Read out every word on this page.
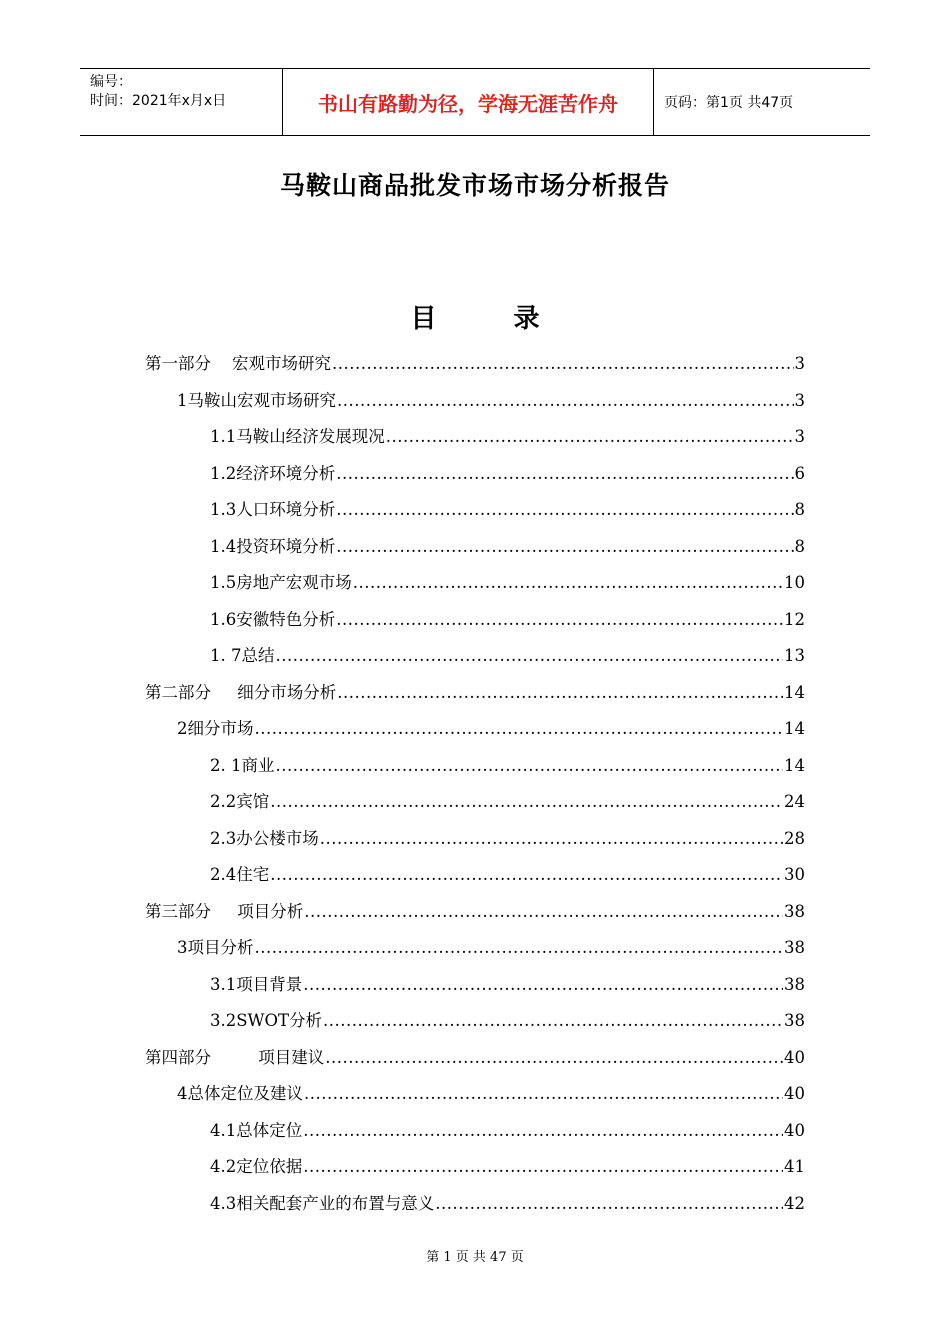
编号：
时间：2021年x月x日	书山有路勤为径，学海无涯苦作舟	页码：第1页 共47页
马鞍山商品批发市场市场分析报告
目 录
第一部分    宏观市场研究 .....	3
1马鞍山宏观市场研究 .....	3
1.1马鞍山经济发展现况 .....	3
1.2经济环境分析 .....	6
1.3人口环境分析 .....	8
1.4投资环境分析 .....	8
1.5房地产宏观市场 .....	10
1.6安徽特色分析 .....	12
1. 7总结 .....	13
第二部分     细分市场分析 .....	14
2细分市场 .....	14
2. 1商业 .....	14
2.2宾馆 .....	24
2.3办公楼市场 .....	28
2.4住宅 .....	30
第三部分     项目分析 .....	38
3项目分析 .....	38
3.1项目背景 .....	38
3.2SWOT分析 .....	38
第四部分         项目建议 .....	40
4总体定位及建议 .....	40
4.1总体定位 .....	40
4.2定位依据 .....	41
4.3相关配套产业的布置与意义 .....	42
第 1 页 共 47 页
